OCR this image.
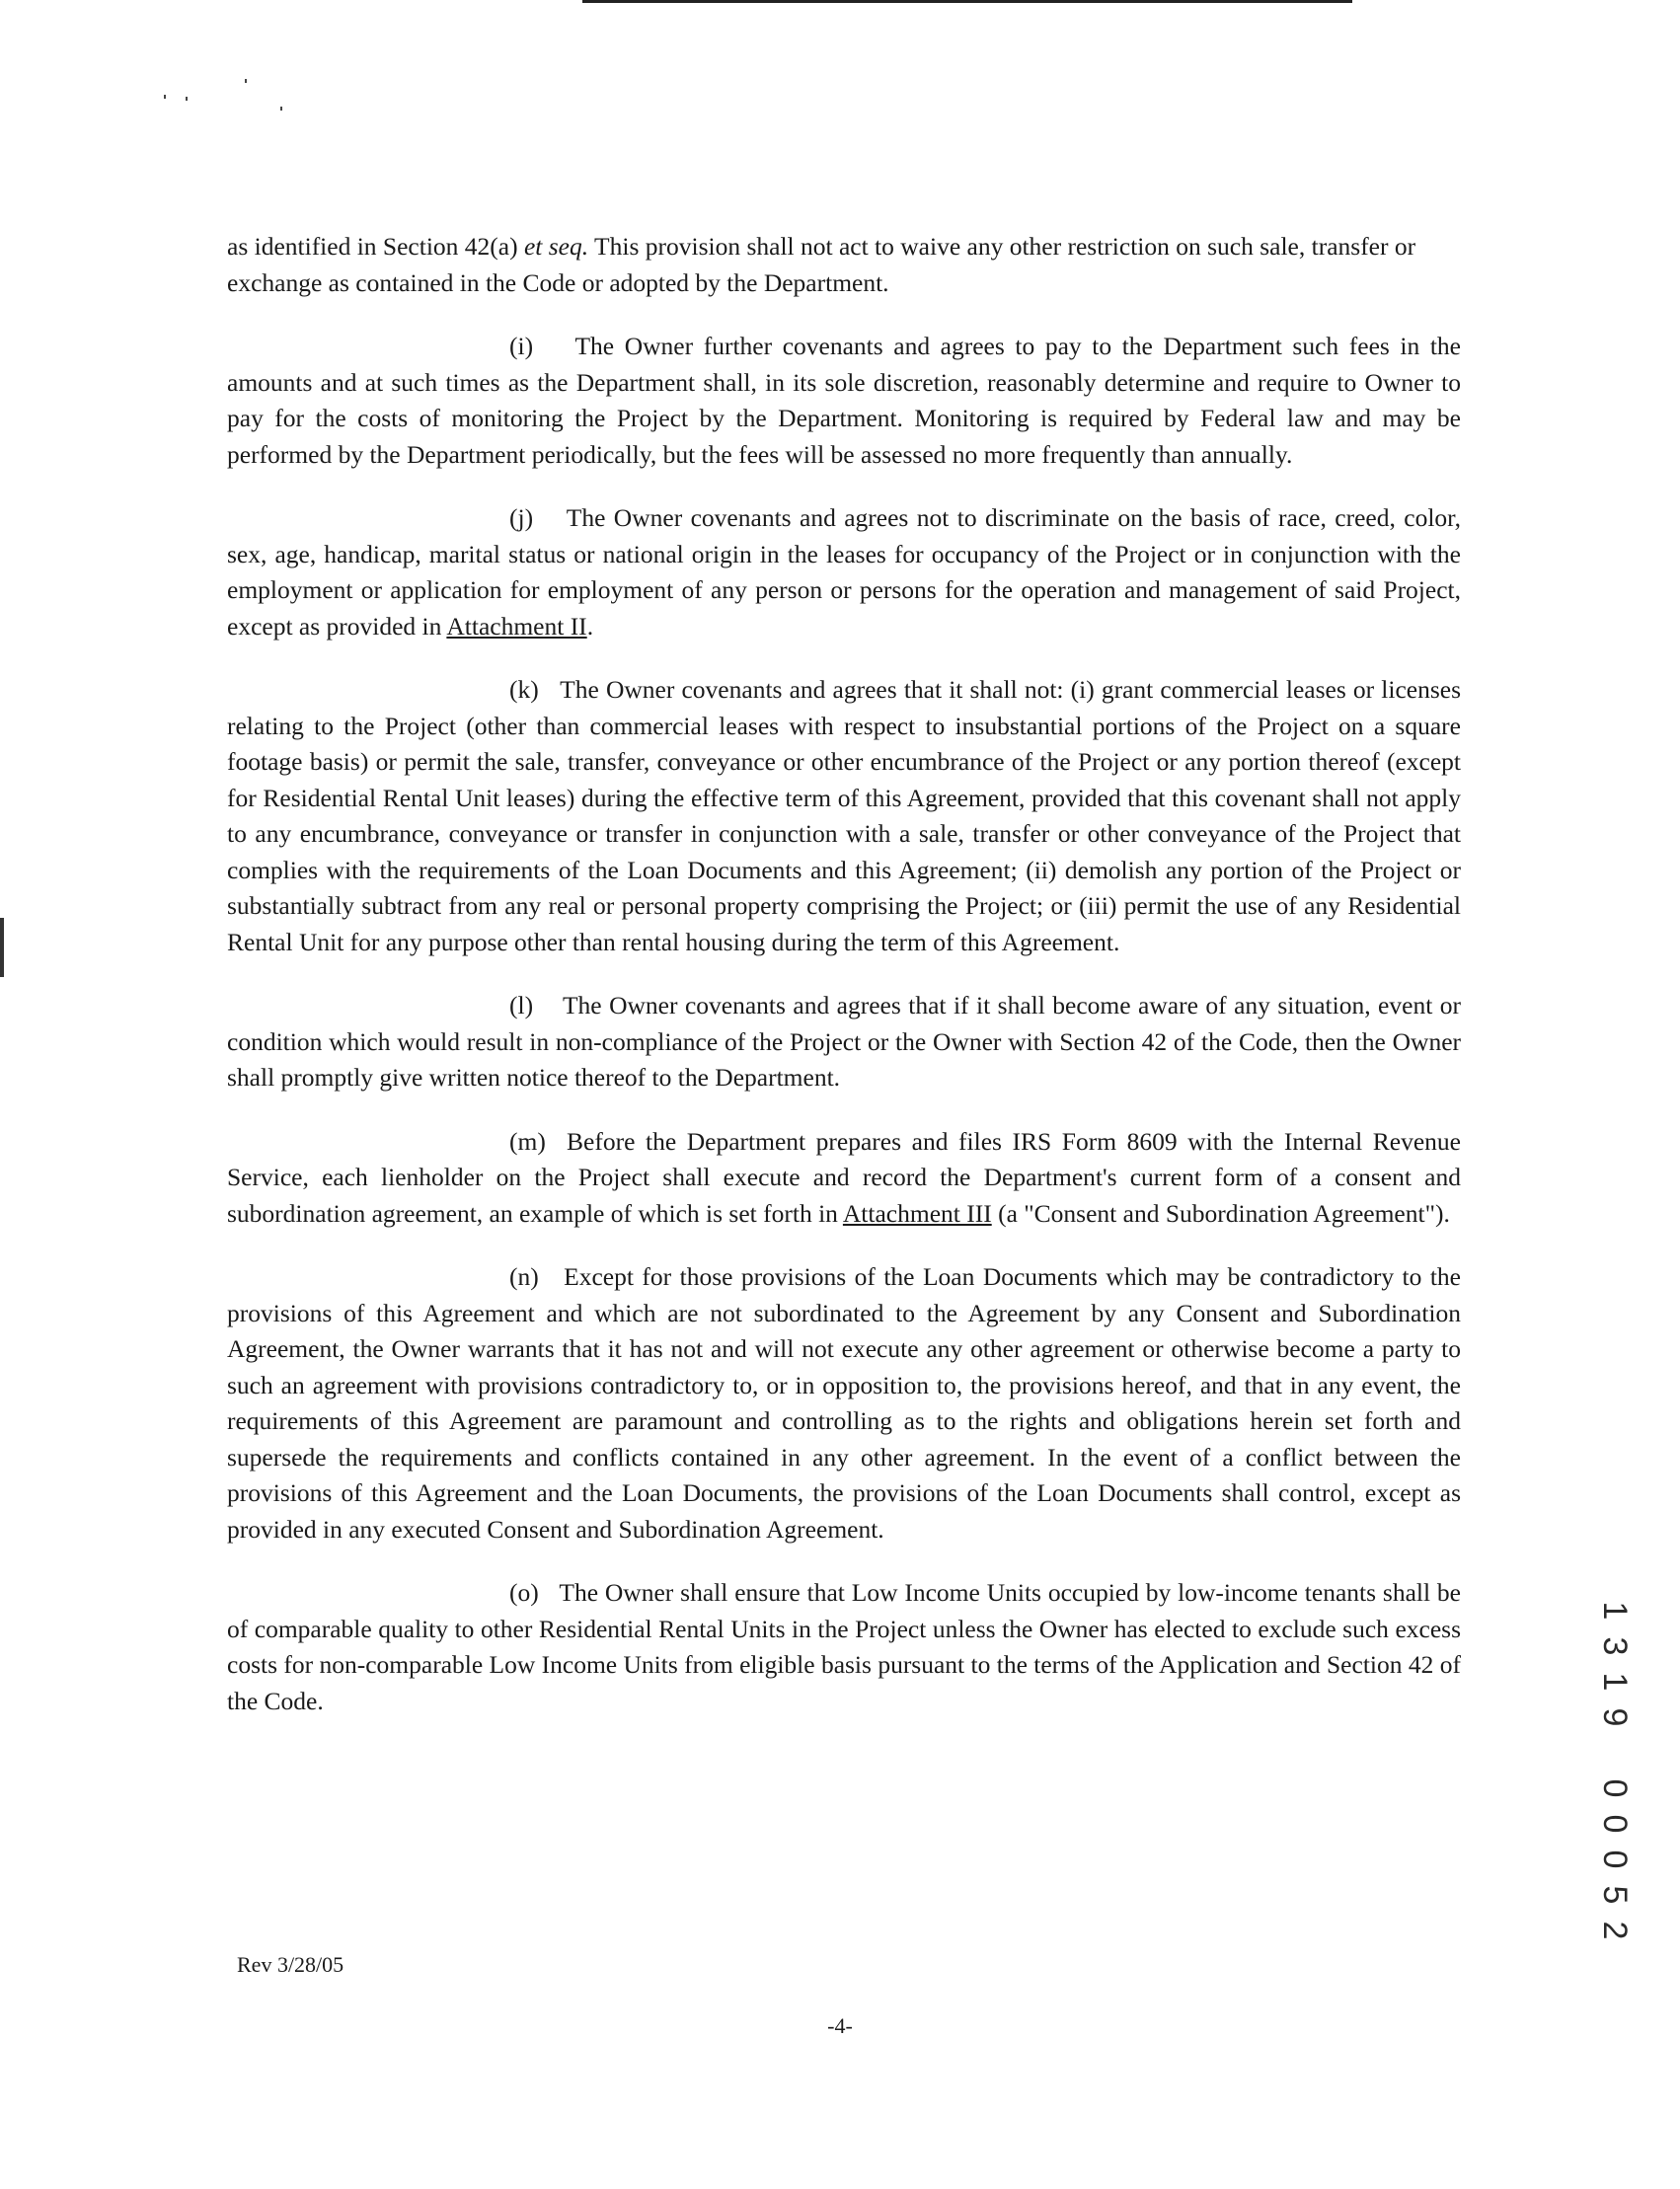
as identified in Section 42(a) et seq. This provision shall not act to waive any other restriction on such sale, transfer or exchange as contained in the Code or adopted by the Department.

(i) The Owner further covenants and agrees to pay to the Department such fees in the amounts and at such times as the Department shall, in its sole discretion, reasonably determine and require to Owner to pay for the costs of monitoring the Project by the Department. Monitoring is required by Federal law and may be performed by the Department periodically, but the fees will be assessed no more frequently than annually.

(j) The Owner covenants and agrees not to discriminate on the basis of race, creed, color, sex, age, handicap, marital status or national origin in the leases for occupancy of the Project or in conjunction with the employment or application for employment of any person or persons for the operation and management of said Project, except as provided in Attachment II.

(k) The Owner covenants and agrees that it shall not: (i) grant commercial leases or licenses relating to the Project (other than commercial leases with respect to insubstantial portions of the Project on a square footage basis) or permit the sale, transfer, conveyance or other encumbrance of the Project or any portion thereof (except for Residential Rental Unit leases) during the effective term of this Agreement, provided that this covenant shall not apply to any encumbrance, conveyance or transfer in conjunction with a sale, transfer or other conveyance of the Project that complies with the requirements of the Loan Documents and this Agreement; (ii) demolish any portion of the Project or substantially subtract from any real or personal property comprising the Project; or (iii) permit the use of any Residential Rental Unit for any purpose other than rental housing during the term of this Agreement.

(l) The Owner covenants and agrees that if it shall become aware of any situation, event or condition which would result in non-compliance of the Project or the Owner with Section 42 of the Code, then the Owner shall promptly give written notice thereof to the Department.

(m) Before the Department prepares and files IRS Form 8609 with the Internal Revenue Service, each lienholder on the Project shall execute and record the Department's current form of a consent and subordination agreement, an example of which is set forth in Attachment III (a "Consent and Subordination Agreement").

(n) Except for those provisions of the Loan Documents which may be contradictory to the provisions of this Agreement and which are not subordinated to the Agreement by any Consent and Subordination Agreement, the Owner warrants that it has not and will not execute any other agreement or otherwise become a party to such an agreement with provisions contradictory to, or in opposition to, the provisions hereof, and that in any event, the requirements of this Agreement are paramount and controlling as to the rights and obligations herein set forth and supersede the requirements and conflicts contained in any other agreement. In the event of a conflict between the provisions of this Agreement and the Loan Documents, the provisions of the Loan Documents shall control, except as provided in any executed Consent and Subordination Agreement.

(o) The Owner shall ensure that Low Income Units occupied by low-income tenants shall be of comparable quality to other Residential Rental Units in the Project unless the Owner has elected to exclude such excess costs for non-comparable Low Income Units from eligible basis pursuant to the terms of the Application and Section 42 of the Code.

Rev 3/28/05
-4-
1
3
1
9

0
0
0
5
2
